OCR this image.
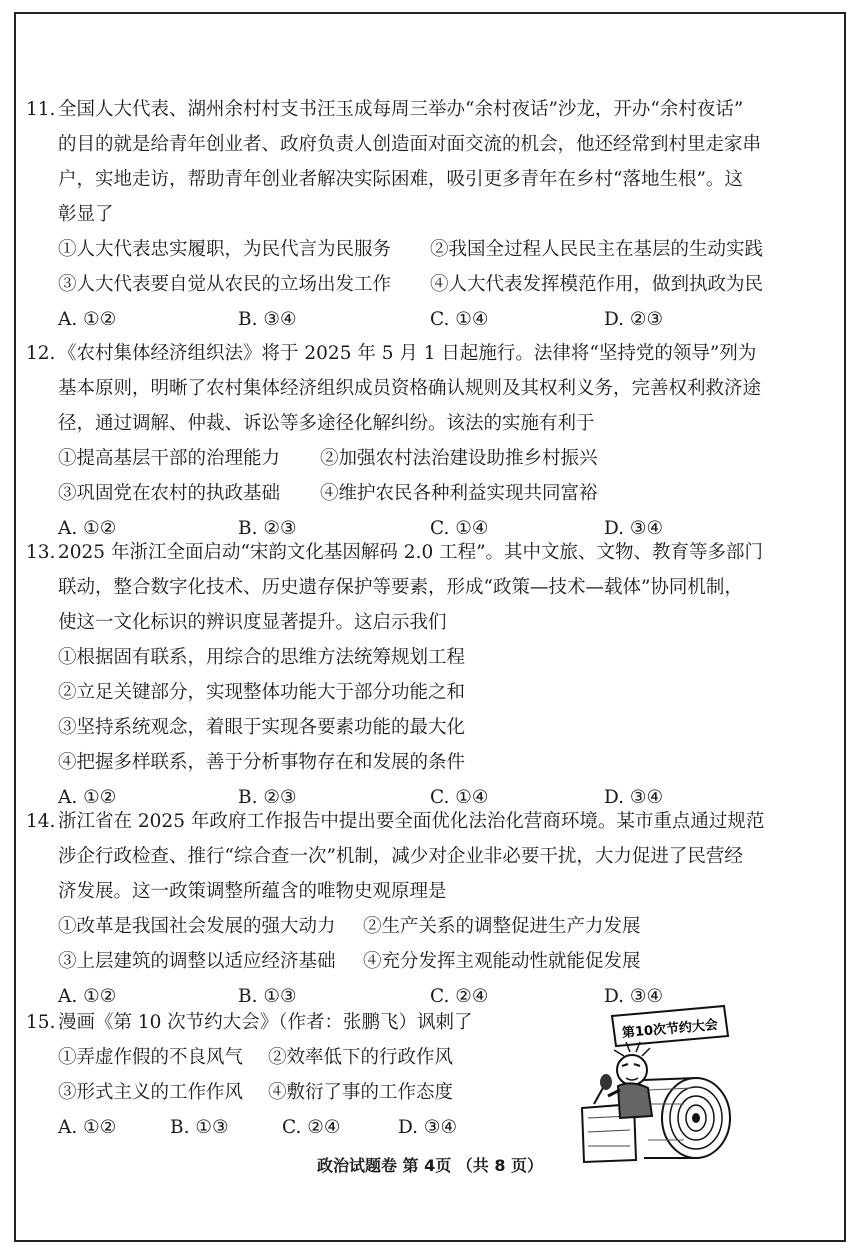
11. 全国人大代表、湖州余村村支书汪玉成每周三举办“余村夜话”沙龙，开办“余村夜话”
的目的就是给青年创业者、政府负责人创造面对面交流的机会，他还经常到村里走家串
户，实地走访，帮助青年创业者解决实际困难，吸引更多青年在乡村“落地生根”。这
彰显了
①人大代表忠实履职，为民代言为民服务 ②我国全过程人民民主在基层的生动实践
③人大代表要自觉从农民的立场出发工作 ④人大代表发挥模范作用，做到执政为民
A. ①②	B. ③④	C. ①④	D. ②③
12. 《农村集体经济组织法》将于 2025 年 5 月 1 日起施行。法律将“坚持党的领导”列为
基本原则，明晰了农村集体经济组织成员资格确认规则及其权利义务，完善权利救济途
径，通过调解、仲裁、诉讼等多途径化解纠纷。该法的实施有利于
①提高基层干部的治理能力 ②加强农村法治建设助推乡村振兴
③巩固党在农村的执政基础 ④维护农民各种利益实现共同富裕
A. ①②	B. ②③	C. ①④	D. ③④
13. 2025 年浙江全面启动“宋韵文化基因解码 2.0 工程”。其中文旅、文物、教育等多部门
联动，整合数字化技术、历史遗存保护等要素，形成“政策—技术—载体”协同机制，
使这一文化标识的辨识度显著提升。这启示我们
①根据固有联系，用综合的思维方法统筹规划工程
②立足关键部分，实现整体功能大于部分功能之和
③坚持系统观念，着眼于实现各要素功能的最大化
④把握多样联系，善于分析事物存在和发展的条件
A. ①②	B. ②③	C. ①④	D. ③④
14. 浙江省在 2025 年政府工作报告中提出要全面优化法治化营商环境。某市重点通过规范
涉企行政检查、推行“综合查一次”机制，减少对企业非必要干扰，大力促进了民营经
济发展。这一政策调整所蕴含的唯物史观原理是
①改革是我国社会发展的强大动力 ②生产关系的调整促进生产力发展
③上层建筑的调整以适应经济基础 ④充分发挥主观能动性就能促发展
A. ①②	B. ①③	C. ②④	D. ③④
15. 漫画《第 10 次节约大会》（作者：张鹏飞）讽刺了
①弄虚作假的不良风气 ②效率低下的行政作风
③形式主义的工作作风 ④敷衍了事的工作态度
A. ①②	B. ①③	C. ②④	D. ③④
第10次节约大会
政治试题卷 第 4页 （共 8 页）
